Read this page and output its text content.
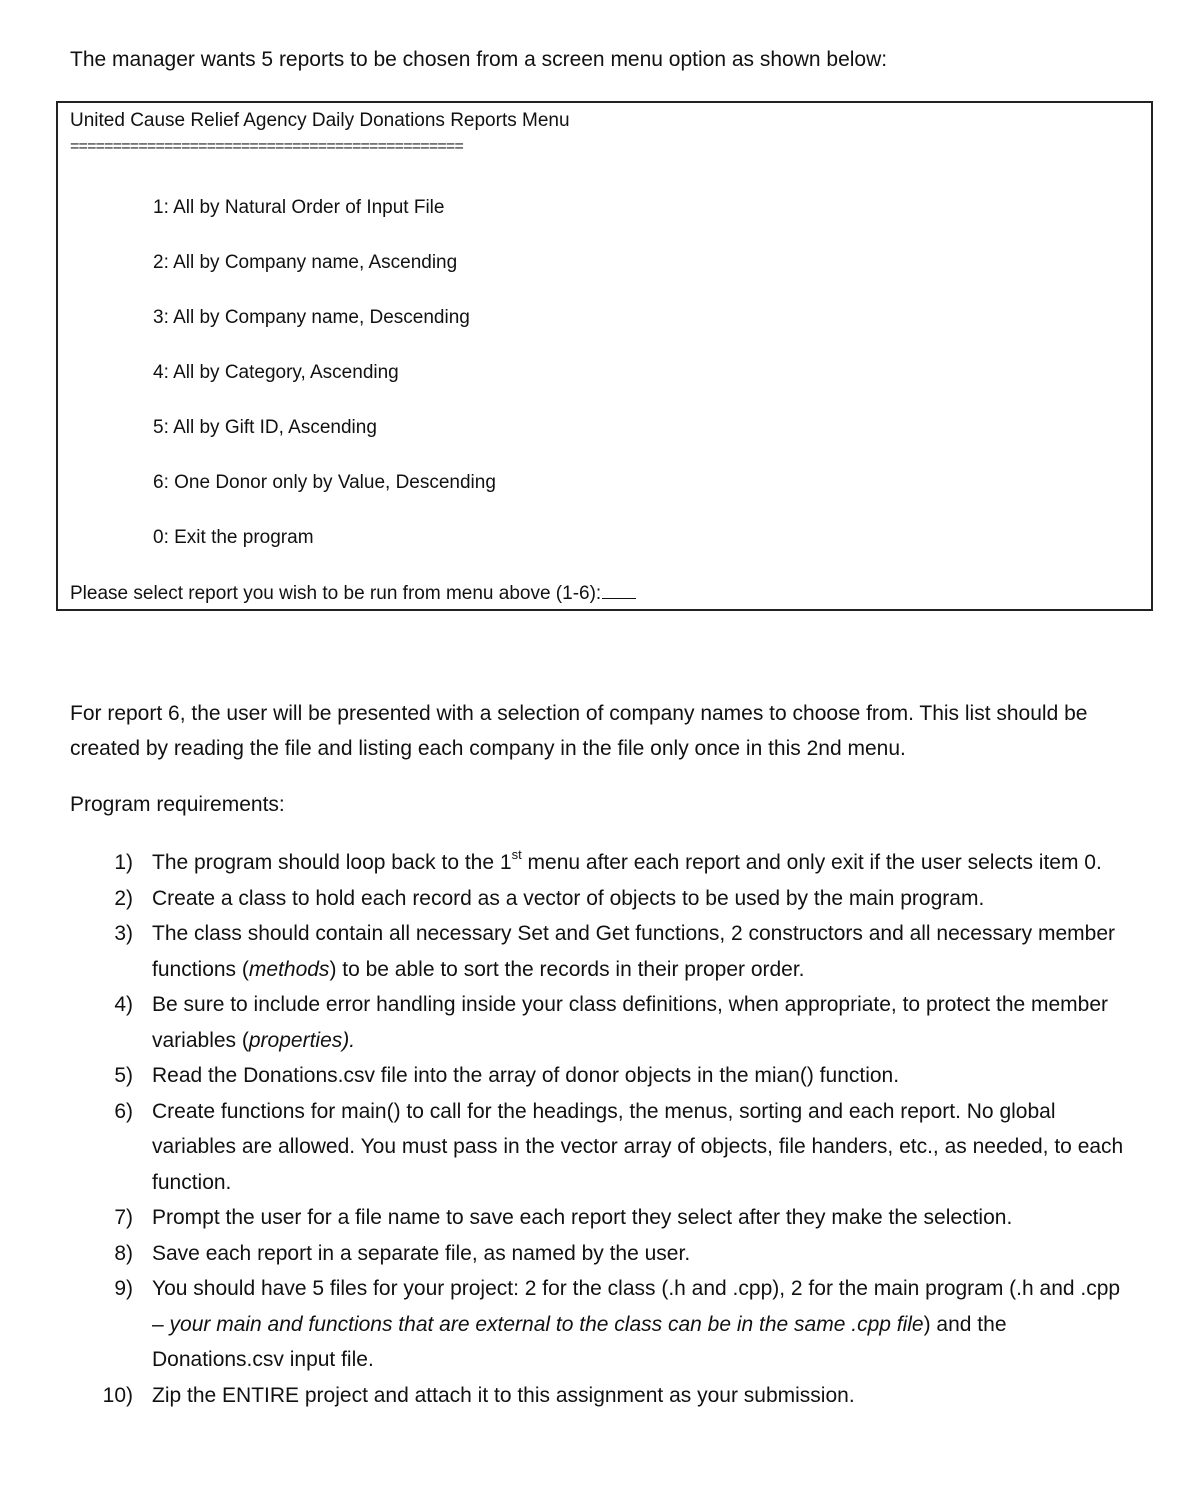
The manager wants 5 reports to be chosen from a screen menu option as shown below:
United Cause Relief Agency Daily Donations Reports Menu
==============================================
1: All by Natural Order of Input File
2: All by Company name, Ascending
3: All by Company name, Descending
4: All by Category, Ascending
5: All by Gift ID, Ascending
6: One Donor only by Value, Descending
0: Exit the program
Please select report you wish to be run from menu above (1-6):

For report 6, the user will be presented with a selection of company names to choose from. This list should be created by reading the file and listing each company in the file only once in this 2nd menu.

Program requirements:
1) The program should loop back to the 1st menu after each report and only exit if the user selects item 0.
2) Create a class to hold each record as a vector of objects to be used by the main program.
3) The class should contain all necessary Set and Get functions, 2 constructors and all necessary member functions (methods) to be able to sort the records in their proper order.
4) Be sure to include error handling inside your class definitions, when appropriate, to protect the member variables (properties).
5) Read the Donations.csv file into the array of donor objects in the mian() function.
6) Create functions for main() to call for the headings, the menus, sorting and each report. No global variables are allowed. You must pass in the vector array of objects, file handers, etc., as needed, to each function.
7) Prompt the user for a file name to save each report they select after they make the selection.
8) Save each report in a separate file, as named by the user.
9) You should have 5 files for your project: 2 for the class (.h and .cpp), 2 for the main program (.h and .cpp – your main and functions that are external to the class can be in the same .cpp file) and the Donations.csv input file.
10) Zip the ENTIRE project and attach it to this assignment as your submission.
